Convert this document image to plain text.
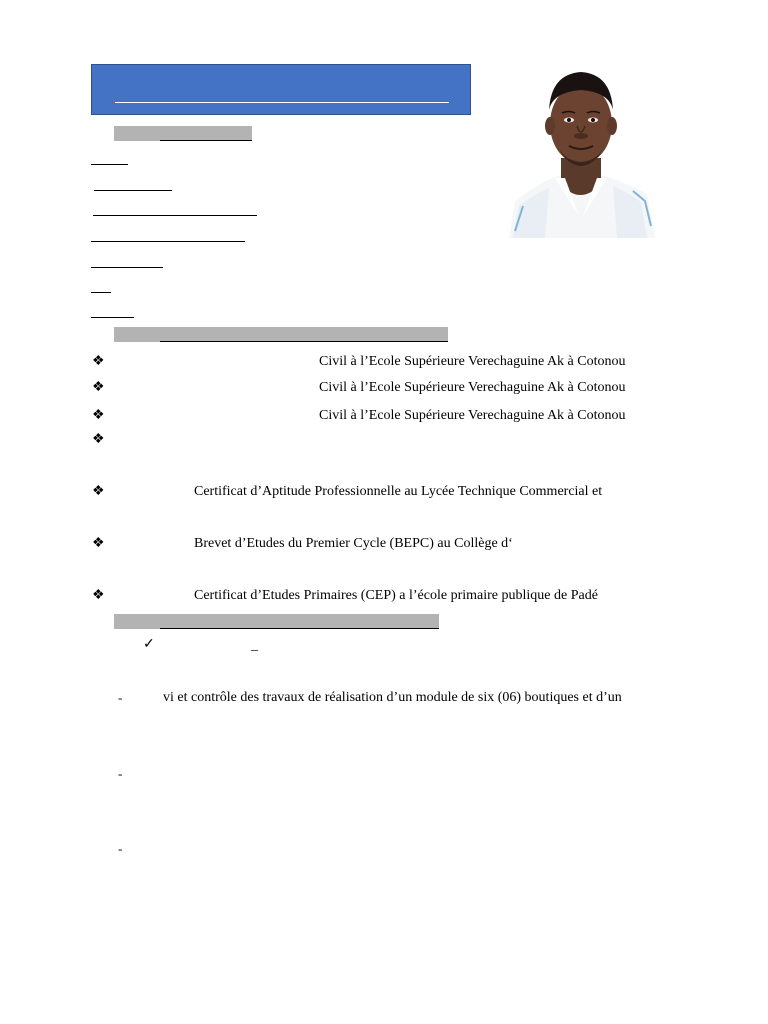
❖	Civil à l’Ecole Supérieure Verechaguine Ak à Cotonou
❖	Civil à l’Ecole Supérieure Verechaguine Ak à Cotonou
❖	Civil à l’Ecole Supérieure Verechaguine Ak à Cotonou
❖
❖	Certificat d’Aptitude Professionnelle au Lycée Technique Commercial et
❖	Brevet d’Etudes du Premier Cycle (BEPC) au Collège d‘
❖	Certificat d’Etudes Primaires (CEP) a l’école primaire publique de Padé
✓	_
-	vi et contrôle des travaux de réalisation d’un module de six (06) boutiques et d’un
-
-
